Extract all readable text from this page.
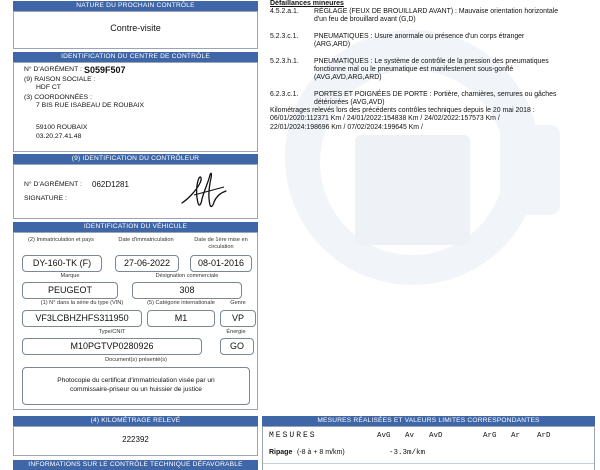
NATURE DU PROCHAIN CONTRÔLE
Contre-visite
IDENTIFICATION DU CENTRE DE CONTRÔLE
N° D'AGRÉMENT : S059F507
(9) RAISON SOCIALE :
HDF CT
(3) COORDONNÉES :
7 BIS RUE ISABEAU DE ROUBAIX
59100 ROUBAIX
03.20.27.41.48
(9) IDENTIFICATION DU CONTRÔLEUR
N° D'AGRÉMENT : 062D1281
SIGNATURE :
IDENTIFICATION DU VÉHICULE
(2) Immatriculation et pays	Date d'immatriculation	Date de 1ère mise en circulation
DY-160-TK (F)	27-06-2022	08-01-2016
Marque	Désignation commerciale
PEUGEOT	308
(1) N° dans la série du type (VIN)	(5) Catégorie internationale	Genre
VF3LCBHZHFS311950	M1	VP
Type/CNIT	Énergie
M10PGTVP0280926	GO
Document(s) présenté(s)
Photocopie du certificat d'immatriculation visée par un
commissaire-priseur ou un huissier de justice
(4) KILOMÉTRAGE RELEVÉ
222392
INFORMATIONS SUR LE CONTRÔLE TECHNIQUE DÉFAVORABLE
Défaillances mineures
4.5.2.a.1. RÉGLAGE (FEUX DE BROUILLARD AVANT) : Mauvaise orientation horizontale
d'un feu de brouillard avant (G,D)
5.2.3.c.1. PNEUMATIQUES : Usure anormale ou présence d'un corps étranger
(ARG,ARD)
5.2.3.h.1. PNEUMATIQUES : Le système de contrôle de la pression des pneumatiques
fonctionne mal ou le pneumatique est manifestement sous-gonflé
(AVG,AVD,ARG,ARD)
6.2.3.c.1. PORTES ET POIGNÉES DE PORTE : Portière, charnières, serrures ou gâches
détériorées (AVG,AVD)
Kilométrages relevés lors des précédents contrôles techniques depuis le 20 mai 2018 :
06/01/2020:112371 Km / 24/01/2022:154838 Km / 24/02/2022:157573 Km /
22/01/2024:198696 Km / 07/02/2024:199645 Km /
MESURES RÉALISÉES ET VALEURS LIMITES CORRESPONDANTES
MESURES	AvG Av AvD	ArG Ar ArD
Ripage (-8 à + 8 m/km)	-3.3m/km
